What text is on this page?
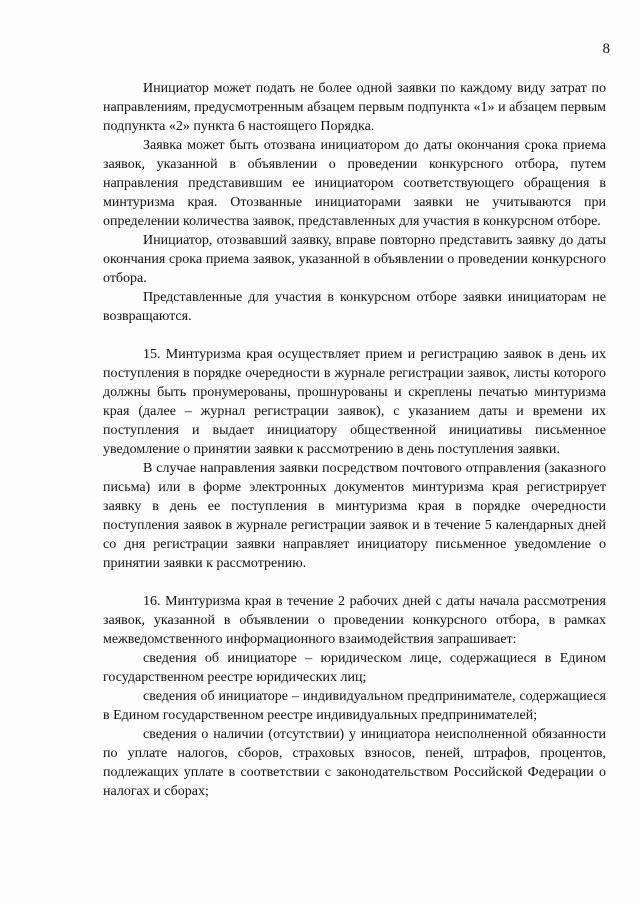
8

Инициатор может подать не более одной заявки по каждому виду затрат по направлениям, предусмотренным абзацем первым подпункта «1» и абзацем первым подпункта «2» пункта 6 настоящего Порядка.

Заявка может быть отозвана инициатором до даты окончания срока приема заявок, указанной в объявлении о проведении конкурсного отбора, путем направления представившим ее инициатором соответствующего обращения в минтуризма края. Отозванные инициаторами заявки не учитываются при определении количества заявок, представленных для участия в конкурсном отборе.

Инициатор, отозвавший заявку, вправе повторно представить заявку до даты окончания срока приема заявок, указанной в объявлении о проведении конкурсного отбора.

Представленные для участия в конкурсном отборе заявки инициаторам не возвращаются.

15. Минтуризма края осуществляет прием и регистрацию заявок в день их поступления в порядке очередности в журнале регистрации заявок, листы которого должны быть пронумерованы, прошнурованы и скреплены печатью минтуризма края (далее – журнал регистрации заявок), с указанием даты и времени их поступления и выдает инициатору общественной инициативы письменное уведомление о принятии заявки к рассмотрению в день поступления заявки.

В случае направления заявки посредством почтового отправления (заказного письма) или в форме электронных документов минтуризма края регистрирует заявку в день ее поступления в минтуризма края в порядке очередности поступления заявок в журнале регистрации заявок и в течение 5 календарных дней со дня регистрации заявки направляет инициатору письменное уведомление о принятии заявки к рассмотрению.

16. Минтуризма края в течение 2 рабочих дней с даты начала рассмотрения заявок, указанной в объявлении о проведении конкурсного отбора, в рамках межведомственного информационного взаимодействия запрашивает:

сведения об инициаторе – юридическом лице, содержащиеся в Едином государственном реестре юридических лиц;

сведения об инициаторе – индивидуальном предпринимателе, содержащиеся в Едином государственном реестре индивидуальных предпринимателей;

сведения о наличии (отсутствии) у инициатора неисполненной обязанности по уплате налогов, сборов, страховых взносов, пеней, штрафов, процентов, подлежащих уплате в соответствии с законодательством Российской Федерации о налогах и сборах;
